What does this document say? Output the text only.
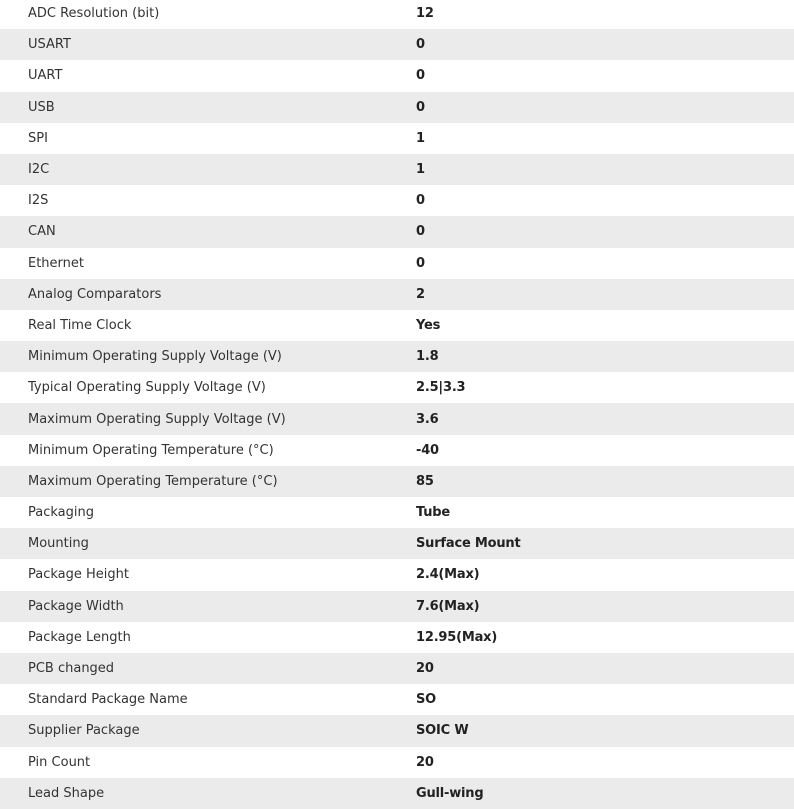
ADC Resolution (bit)	12
USART	0
UART	0
USB	0
SPI	1
I2C	1
I2S	0
CAN	0
Ethernet	0
Analog Comparators	2
Real Time Clock	Yes
Minimum Operating Supply Voltage (V)	1.8
Typical Operating Supply Voltage (V)	2.5|3.3
Maximum Operating Supply Voltage (V)	3.6
Minimum Operating Temperature (°C)	-40
Maximum Operating Temperature (°C)	85
Packaging	Tube
Mounting	Surface Mount
Package Height	2.4(Max)
Package Width	7.6(Max)
Package Length	12.95(Max)
PCB changed	20
Standard Package Name	SO
Supplier Package	SOIC W
Pin Count	20
Lead Shape	Gull-wing
